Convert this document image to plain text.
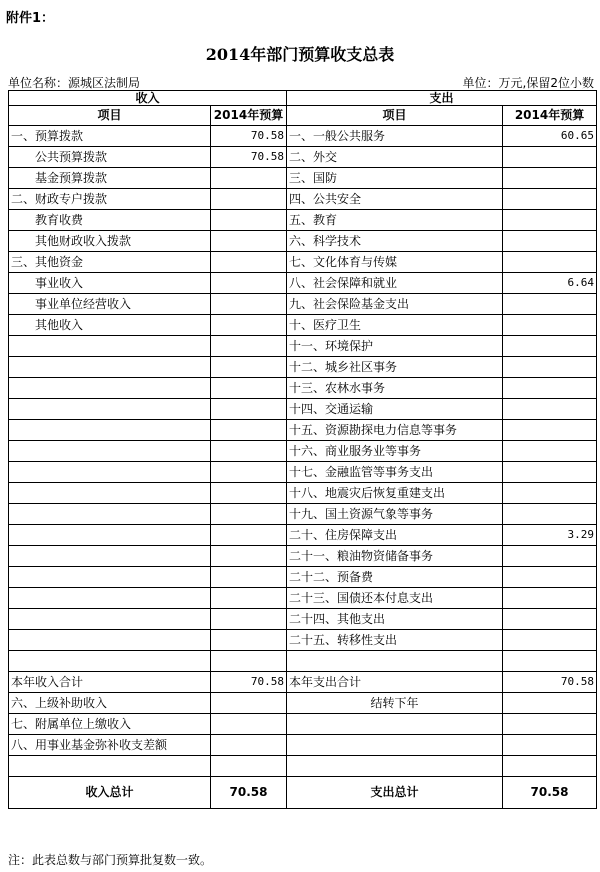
附件1：
2014年部门预算收支总表
单位名称：源城区法制局	单位：万元,保留2位小数
收入		支出	
项目	2014年预算	项目	2014年预算
一、预算拨款	70.58	一、一般公共服务	60.65
公共预算拨款	70.58	二、外交	
基金预算拨款		三、国防	
二、财政专户拨款		四、公共安全	
教育收费		五、教育	
其他财政收入拨款		六、科学技术	
三、其他资金		七、文化体育与传媒	
事业收入		八、社会保障和就业	6.64
事业单位经营收入		九、社会保险基金支出	
其他收入		十、医疗卫生	
		十一、环境保护	
		十二、城乡社区事务	
		十三、农林水事务	
		十四、交通运输	
		十五、资源勘探电力信息等事务	
		十六、商业服务业等事务	
		十七、金融监管等事务支出	
		十八、地震灾后恢复重建支出	
		十九、国土资源气象等事务	
		二十、住房保障支出	3.29
		二十一、粮油物资储备事务	
		二十二、预备费	
		二十三、国债还本付息支出	
		二十四、其他支出	
		二十五、转移性支出	

本年收入合计	70.58	本年支出合计	70.58
六、上级补助收入		结转下年	
七、附属单位上缴收入			
八、用事业基金弥补收支差额			

收入总计	70.58	支出总计	70.58
注：此表总数与部门预算批复数一致。
